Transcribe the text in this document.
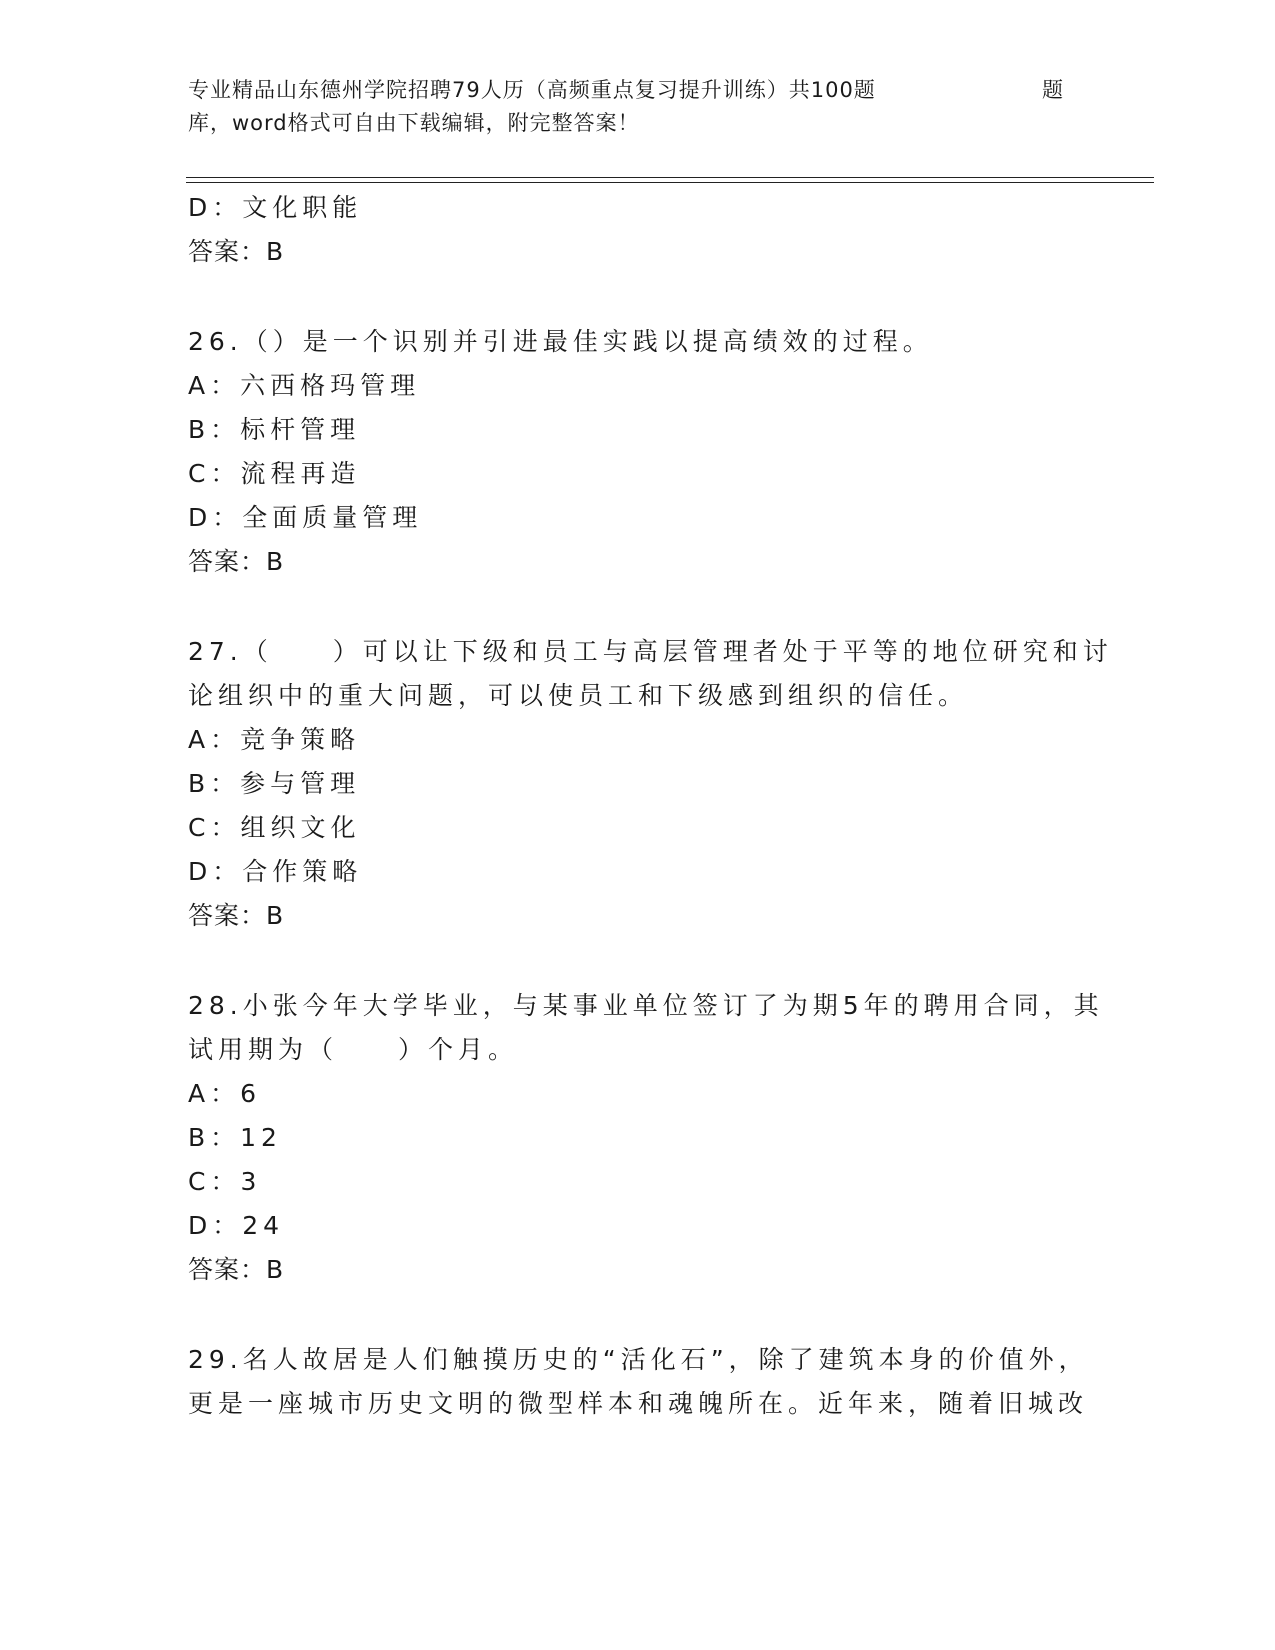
专业精品山东德州学院招聘79人历（高频重点复习提升训练）共100题	题
库，word格式可自由下载编辑，附完整答案！
D：文化职能
答案：B
26.（）是一个识别并引进最佳实践以提高绩效的过程。
A：六西格玛管理
B：标杆管理
C：流程再造
D：全面质量管理
答案：B
27.（　　）可以让下级和员工与高层管理者处于平等的地位研究和讨
论组织中的重大问题，可以使员工和下级感到组织的信任。
A：竞争策略
B：参与管理
C：组织文化
D：合作策略
答案：B
28.小张今年大学毕业，与某事业单位签订了为期5年的聘用合同，其
试用期为（　　）个月。
A：6
B：12
C：3
D：24
答案：B
29.名人故居是人们触摸历史的“活化石”，除了建筑本身的价值外，
更是一座城市历史文明的微型样本和魂魄所在。近年来，随着旧城改
